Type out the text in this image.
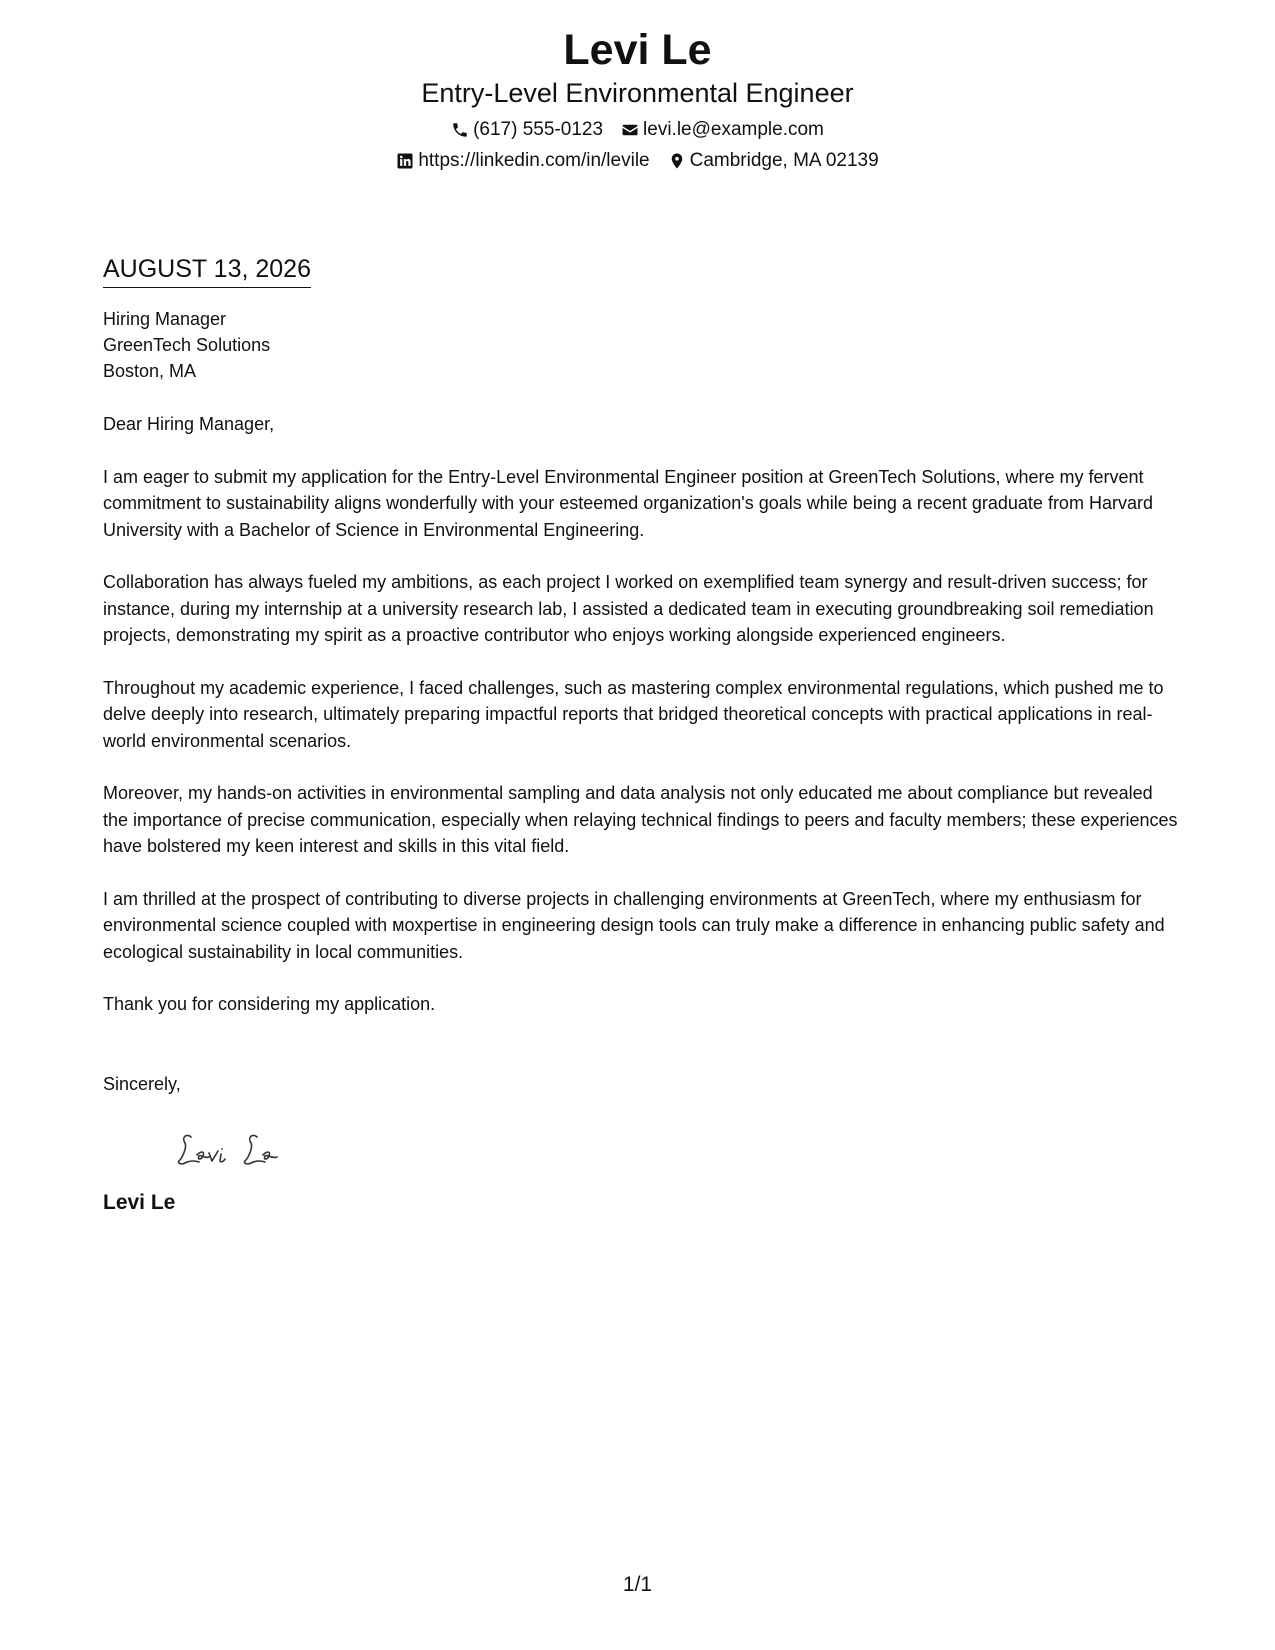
Levi Le
Entry-Level Environmental Engineer
(617) 555-0123 levi.le@example.com
https://linkedin.com/in/levile Cambridge, MA 02139
AUGUST 13, 2026
Hiring Manager
GreenTech Solutions
Boston, MA
Dear Hiring Manager,

I am eager to submit my application for the Entry-Level Environmental Engineer position at GreenTech Solutions, where my fervent commitment to sustainability aligns wonderfully with your esteemed organization's goals while being a recent graduate from Harvard University with a Bachelor of Science in Environmental Engineering.

Collaboration has always fueled my ambitions, as each project I worked on exemplified team synergy and result-driven success; for instance, during my internship at a university research lab, I assisted a dedicated team in executing groundbreaking soil remediation projects, demonstrating my spirit as a proactive contributor who enjoys working alongside experienced engineers.

Throughout my academic experience, I faced challenges, such as mastering complex environmental regulations, which pushed me to delve deeply into research, ultimately preparing impactful reports that bridged theoretical concepts with practical applications in real-world environmental scenarios.

Moreover, my hands-on activities in environmental sampling and data analysis not only educated me about compliance but revealed the importance of precise communication, especially when relaying technical findings to peers and faculty members; these experiences have bolstered my keen interest and skills in this vital field.

I am thrilled at the prospect of contributing to diverse projects in challenging environments at GreenTech, where my enthusiasm for environmental science coupled with мoxpertise in engineering design tools can truly make a difference in enhancing public safety and ecological sustainability in local communities.

Thank you for considering my application.
Sincerely,
Levi Le
1/1
